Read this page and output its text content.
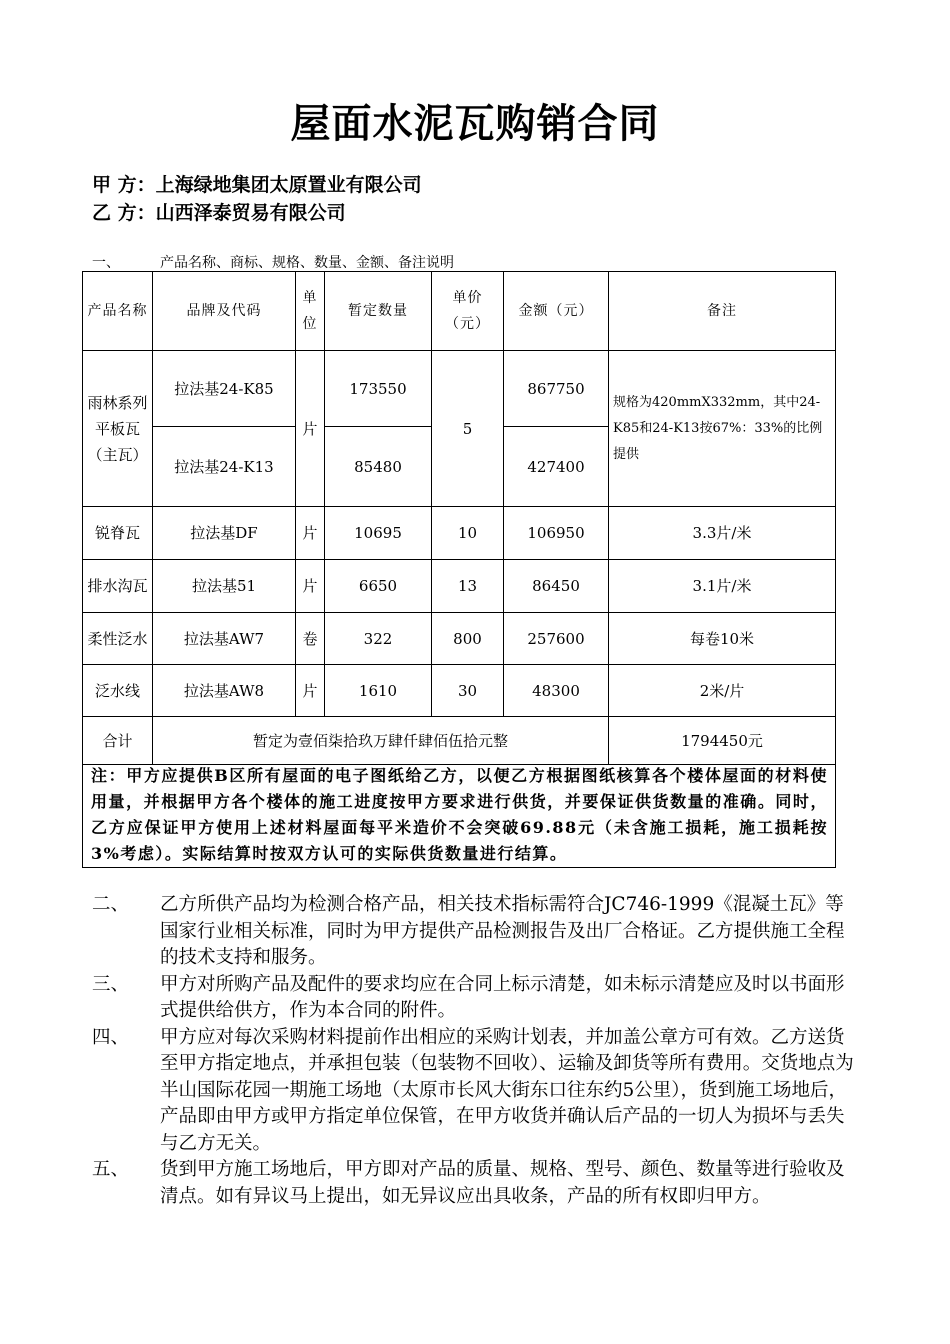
屋面水泥瓦购销合同
甲 方：上海绿地集团太原置业有限公司
乙 方：山西泽泰贸易有限公司
一、	产品名称、商标、规格、数量、金额、备注说明
产品名称	品牌及代码	单位	暂定数量	单价（元）	金额（元）	备注
雨林系列平板瓦（主瓦）	拉法基24-K85	片	173550	5	867750	规格为420mmX332mm，其中24-K85和24-K13按67%：33%的比例提供
	拉法基24-K13		85480		427400	
锐脊瓦	拉法基DF	片	10695	10	106950	3.3片/米
排水沟瓦	拉法基51	片	6650	13	86450	3.1片/米
柔性泛水	拉法基AW7	卷	322	800	257600	每卷10米
泛水线	拉法基AW8	片	1610	30	48300	2米/片
合计	暂定为壹佰柒拾玖万肆仟肆佰伍拾元整					1794450元
注：甲方应提供B区所有屋面的电子图纸给乙方，以便乙方根据图纸核算各个楼体屋面的材料使用量，并根据甲方各个楼体的施工进度按甲方要求进行供货，并要保证供货数量的准确。同时，乙方应保证甲方使用上述材料屋面每平米造价不会突破69.88元（未含施工损耗，施工损耗按3%考虑）。实际结算时按双方认可的实际供货数量进行结算。
二、	乙方所供产品均为检测合格产品，相关技术指标需符合JC746-1999《混凝土瓦》等国家行业相关标准，同时为甲方提供产品检测报告及出厂合格证。乙方提供施工全程的技术支持和服务。
三、	甲方对所购产品及配件的要求均应在合同上标示清楚，如未标示清楚应及时以书面形式提供给供方，作为本合同的附件。
四、	甲方应对每次采购材料提前作出相应的采购计划表，并加盖公章方可有效。乙方送货至甲方指定地点，并承担包装（包装物不回收）、运输及卸货等所有费用。交货地点为半山国际花园一期施工场地（太原市长风大街东口往东约5公里），货到施工场地后，产品即由甲方或甲方指定单位保管，在甲方收货并确认后产品的一切人为损坏与丢失与乙方无关。
五、	货到甲方施工场地后，甲方即对产品的质量、规格、型号、颜色、数量等进行验收及清点。如有异议马上提出，如无异议应出具收条，产品的所有权即归甲方。
